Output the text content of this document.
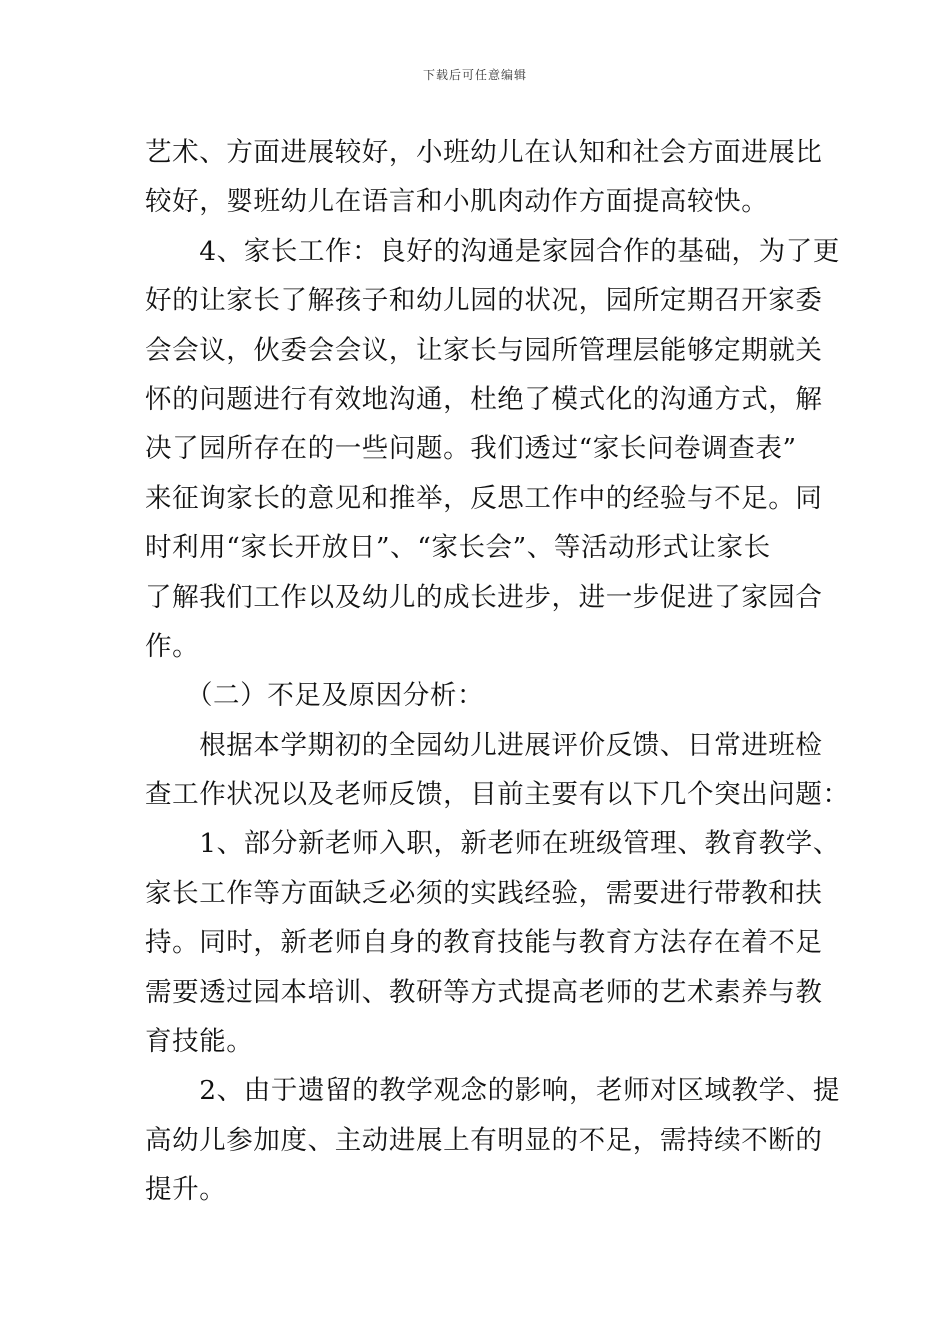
下载后可任意编辑
艺术、方面进展较好，小班幼儿在认知和社会方面进展比
较好，婴班幼儿在语言和小肌肉动作方面提高较快。
　　4、家长工作：良好的沟通是家园合作的基础，为了更
好的让家长了解孩子和幼儿园的状况，园所定期召开家委
会会议，伙委会会议，让家长与园所管理层能够定期就关
怀的问题进行有效地沟通，杜绝了模式化的沟通方式，解
决了园所存在的一些问题。我们透过“家长问卷调查表”
来征询家长的意见和推举，反思工作中的经验与不足。同
时利用“家长开放日”、“家长会”、等活动形式让家长
了解我们工作以及幼儿的成长进步，进一步促进了家园合
作。
　　（二）不足及原因分析：
　　根据本学期初的全园幼儿进展评价反馈、日常进班检
查工作状况以及老师反馈，目前主要有以下几个突出问题：
　　1、部分新老师入职，新老师在班级管理、教育教学、
家长工作等方面缺乏必须的实践经验，需要进行带教和扶
持。同时，新老师自身的教育技能与教育方法存在着不足
需要透过园本培训、教研等方式提高老师的艺术素养与教
育技能。
　　2、由于遗留的教学观念的影响，老师对区域教学、提
高幼儿参加度、主动进展上有明显的不足，需持续不断的
提升。
